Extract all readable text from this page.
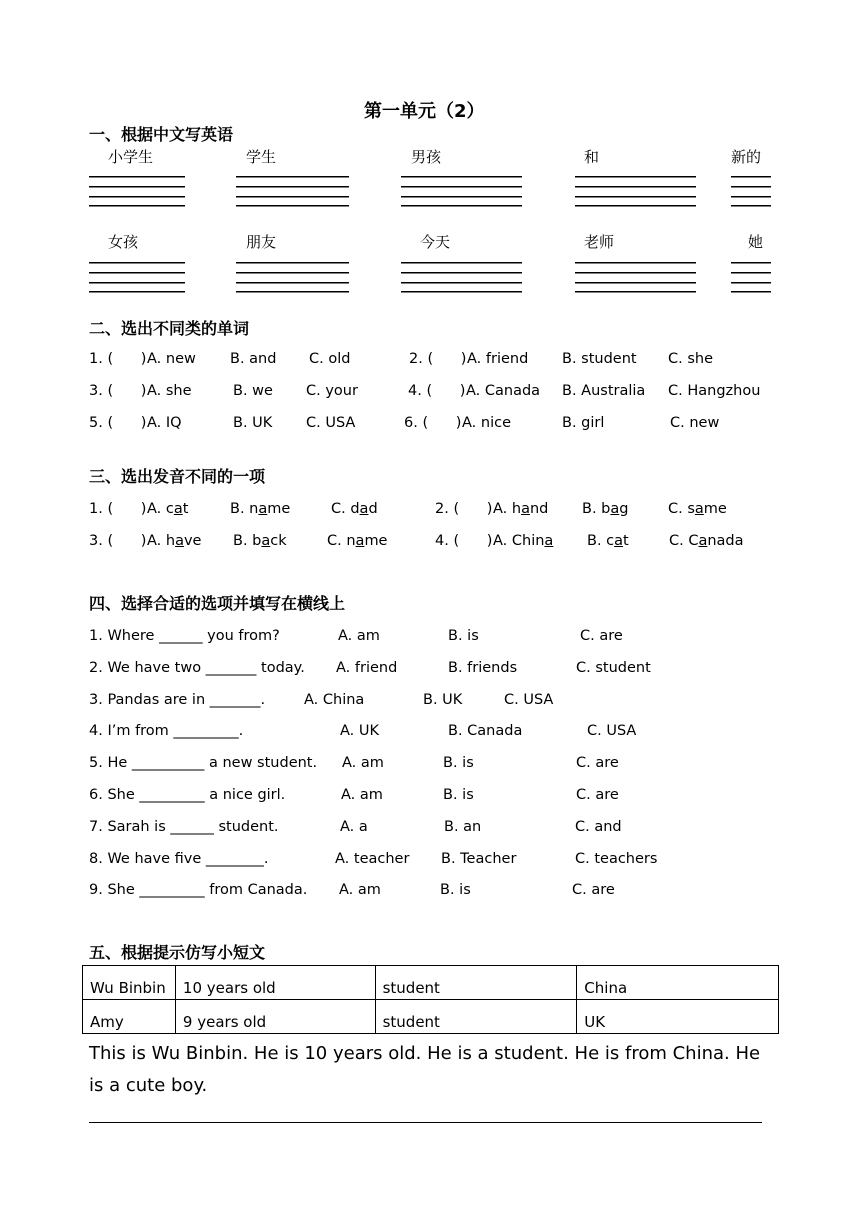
第一单元（2）
一、根据中文写英语
小学生	学生	男孩	和	新的
女孩	朋友	今天	老师	她
二、选出不同类的单词
1. (      ) A. new B. and C. old	2. (      ) A. friend B. student C. she
3. (      ) A. she	B. we C. your	4. (      ) A. Canada B. Australia C. Hangzhou
5. (      ) A. IQ	B. UK C. USA	6. (      ) A. nice	B. girl	C. new
三、选出发音不同的一项
1. (      ) A. cat	B. name	C. dad	2. (      ) A. hand B. bag	C. same
3. (      ) A. have B. back	C. name	4. (      ) A. China B. cat	C. Canada
四、选择合适的选项并填写在横线上
1. Where ______ you from?	A. am	B. is	C. are
2. We have two _______ today. A. friend	B. friends	C. student
3. Pandas are in _______.	A. China	B. UK	C. USA
4. I’m from _________.	A. UK	B. Canada	C. USA
5. He __________ a new student. A. am	B. is	C. are
6. She _________ a nice girl.	A. am	B. is	C. are
7. Sarah is ______ student.	A. a	B. an	C. and
8. We have five ________.	A. teacher B. Teacher	C. teachers
9. She _________ from Canada. A. am	B. is	C. are
五、根据提示仿写小短文
Wu Binbin	10 years old	student	China
Amy	9 years old	student	UK
This is Wu Binbin. He is 10 years old. He is a student. He is from China. He is a cute boy.
